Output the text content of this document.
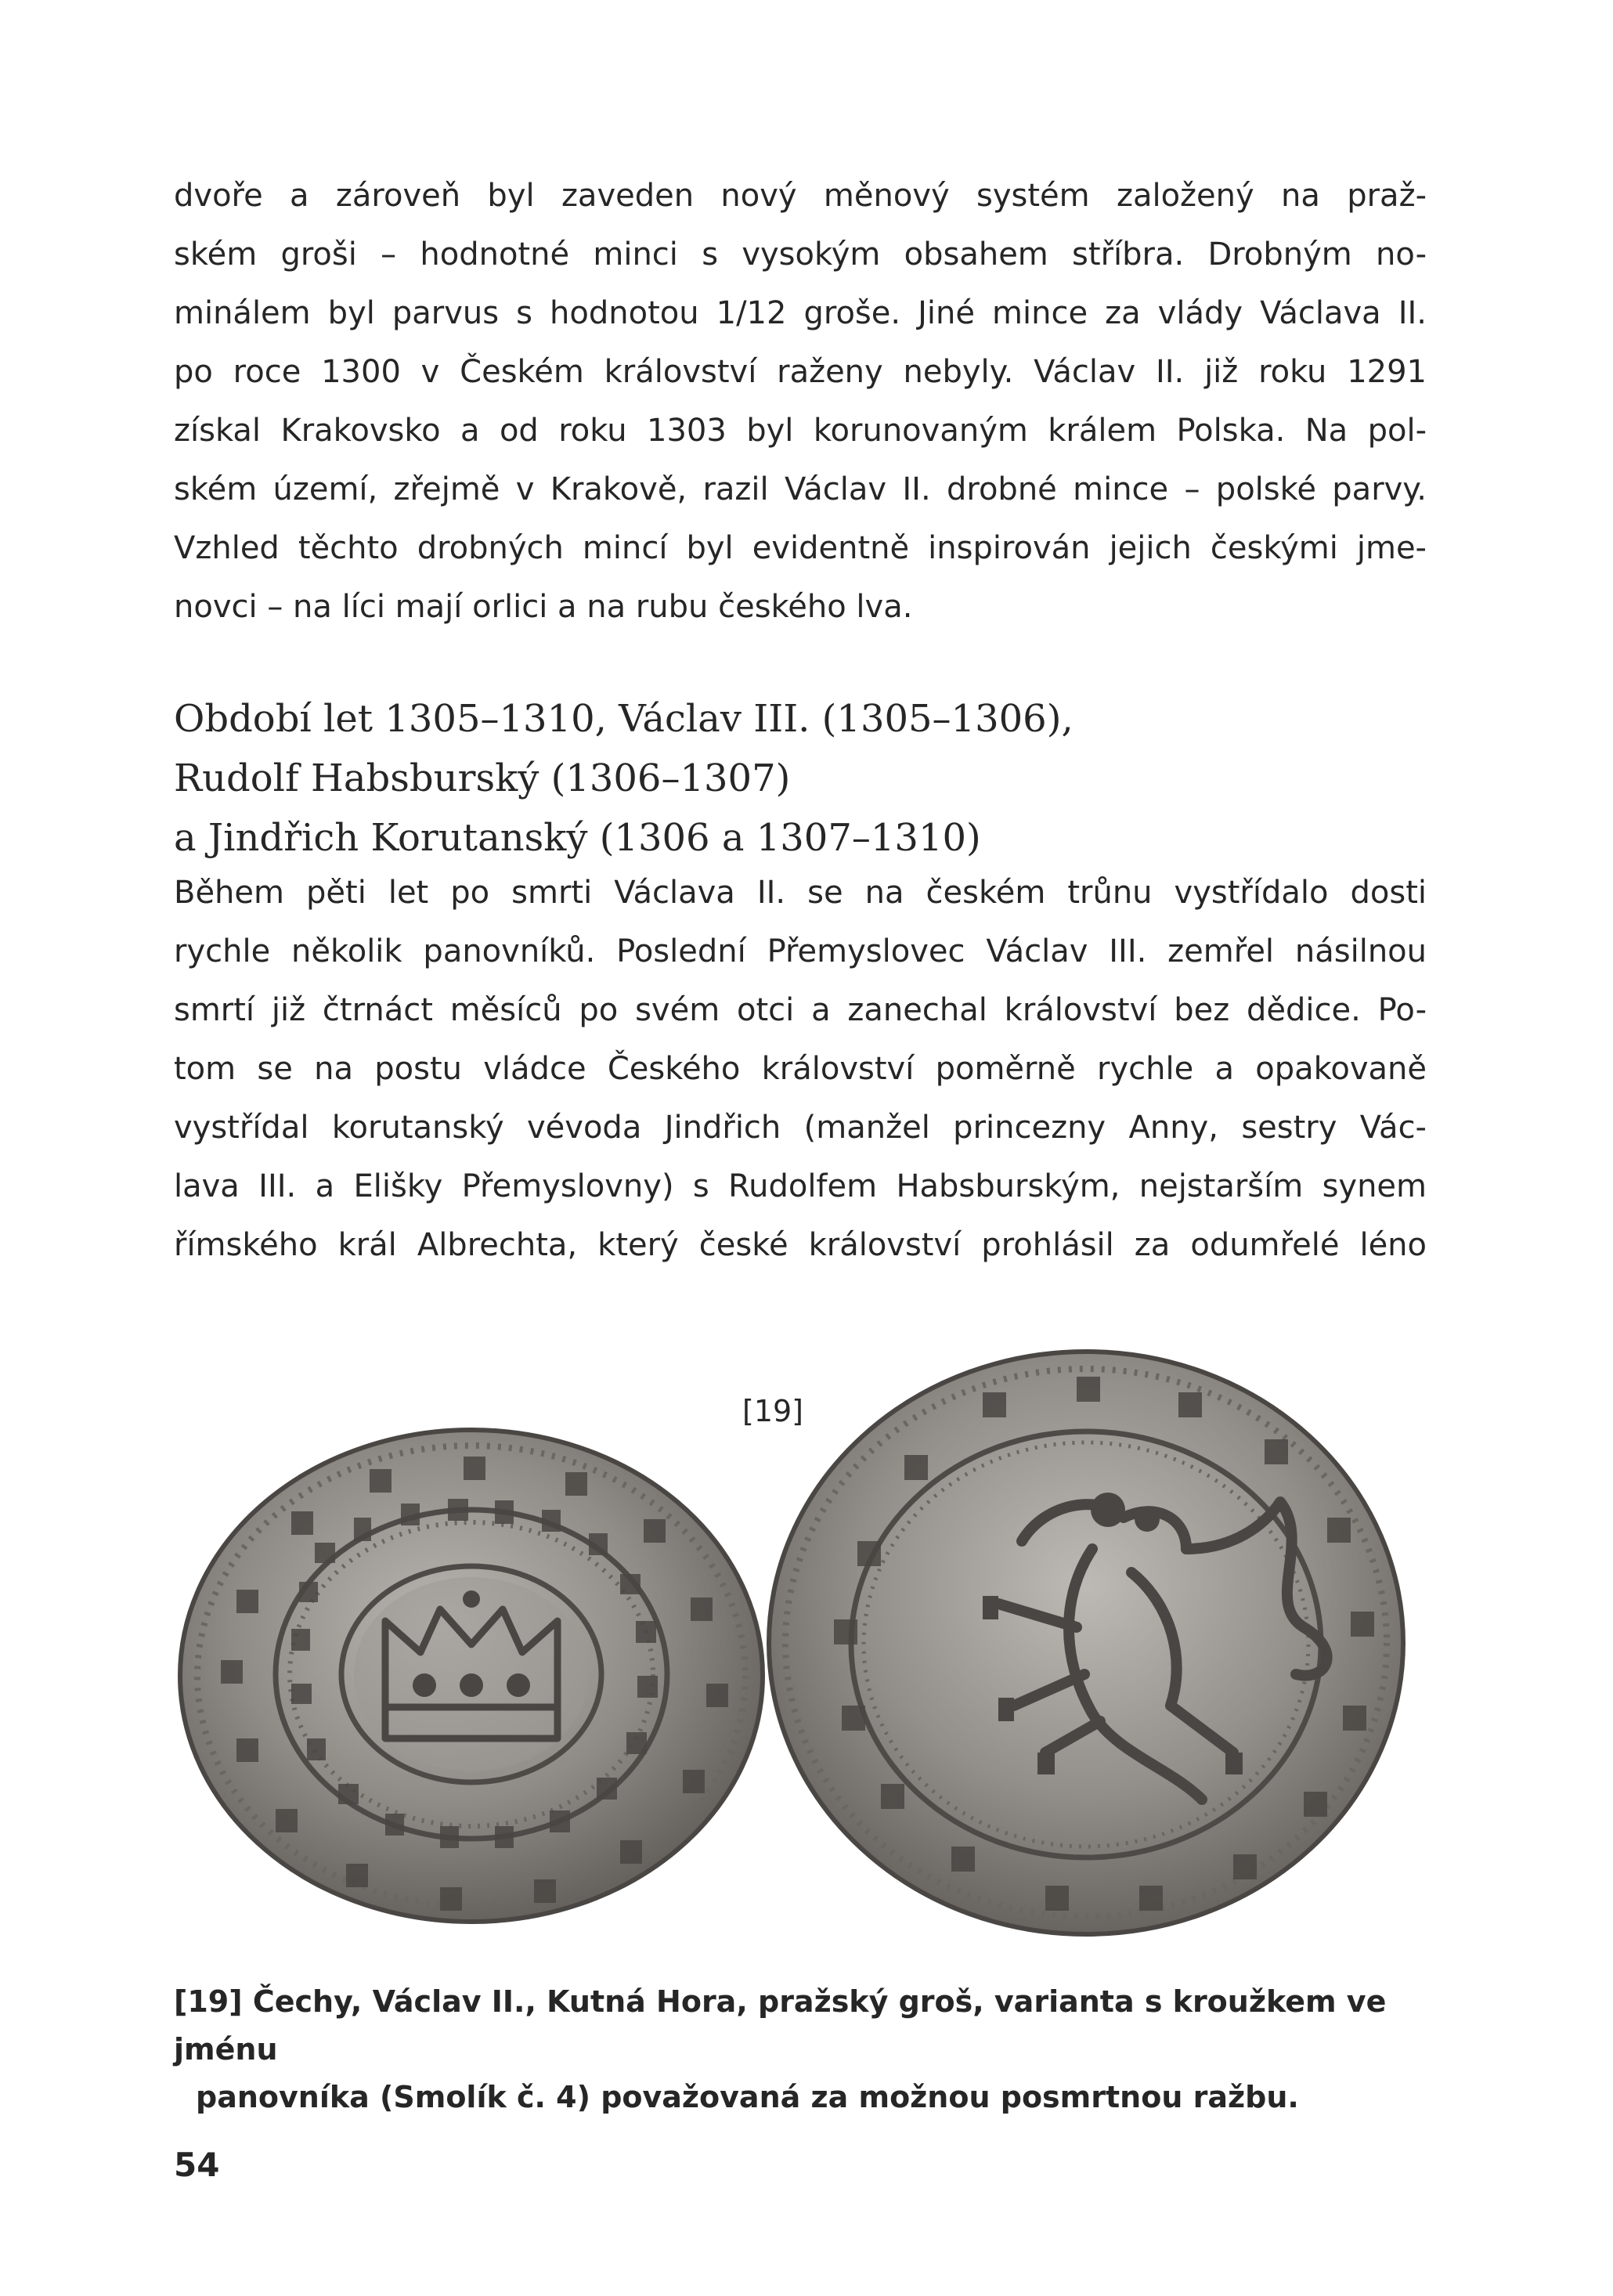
dvoře a zároveň byl zaveden nový měnový systém založený na praž-
ském groši – hodnotné minci s vysokým obsahem stříbra. Drobným no-
minálem byl parvus s hodnotou 1/12 groše. Jiné mince za vlády Václava II.
po roce 1300 v Českém království raženy nebyly. Václav II. již roku 1291
získal Krakovsko a od roku 1303 byl korunovaným králem Polska. Na pol-
ském území, zřejmě v Krakově, razil Václav II. drobné mince – polské parvy.
Vzhled těchto drobných mincí byl evidentně inspirován jejich českými jme-
novci – na líci mají orlici a na rubu českého lva.
Období let 1305–1310, Václav III. (1305–1306),
Rudolf Habsburský (1306–1307)
a Jindřich Korutanský (1306 a 1307–1310)
Během pěti let po smrti Václava II. se na českém trůnu vystřídalo dosti
rychle několik panovníků. Poslední Přemyslovec Václav III. zemřel násilnou
smrtí již čtrnáct měsíců po svém otci a zanechal království bez dědice. Po-
tom se na postu vládce Českého království poměrně rychle a opakovaně
vystřídal korutanský vévoda Jindřich (manžel princezny Anny, sestry Vác-
lava III. a Elišky Přemyslovny) s Rudolfem Habsburským, nejstarším synem
římského král Albrechta, který české království prohlásil za odumřelé léno
[19]
[19] Čechy, Václav II., Kutná Hora, pražský groš, varianta s kroužkem ve jménu
panovníka (Smolík č. 4) považovaná za možnou posmrtnou ražbu.
54
